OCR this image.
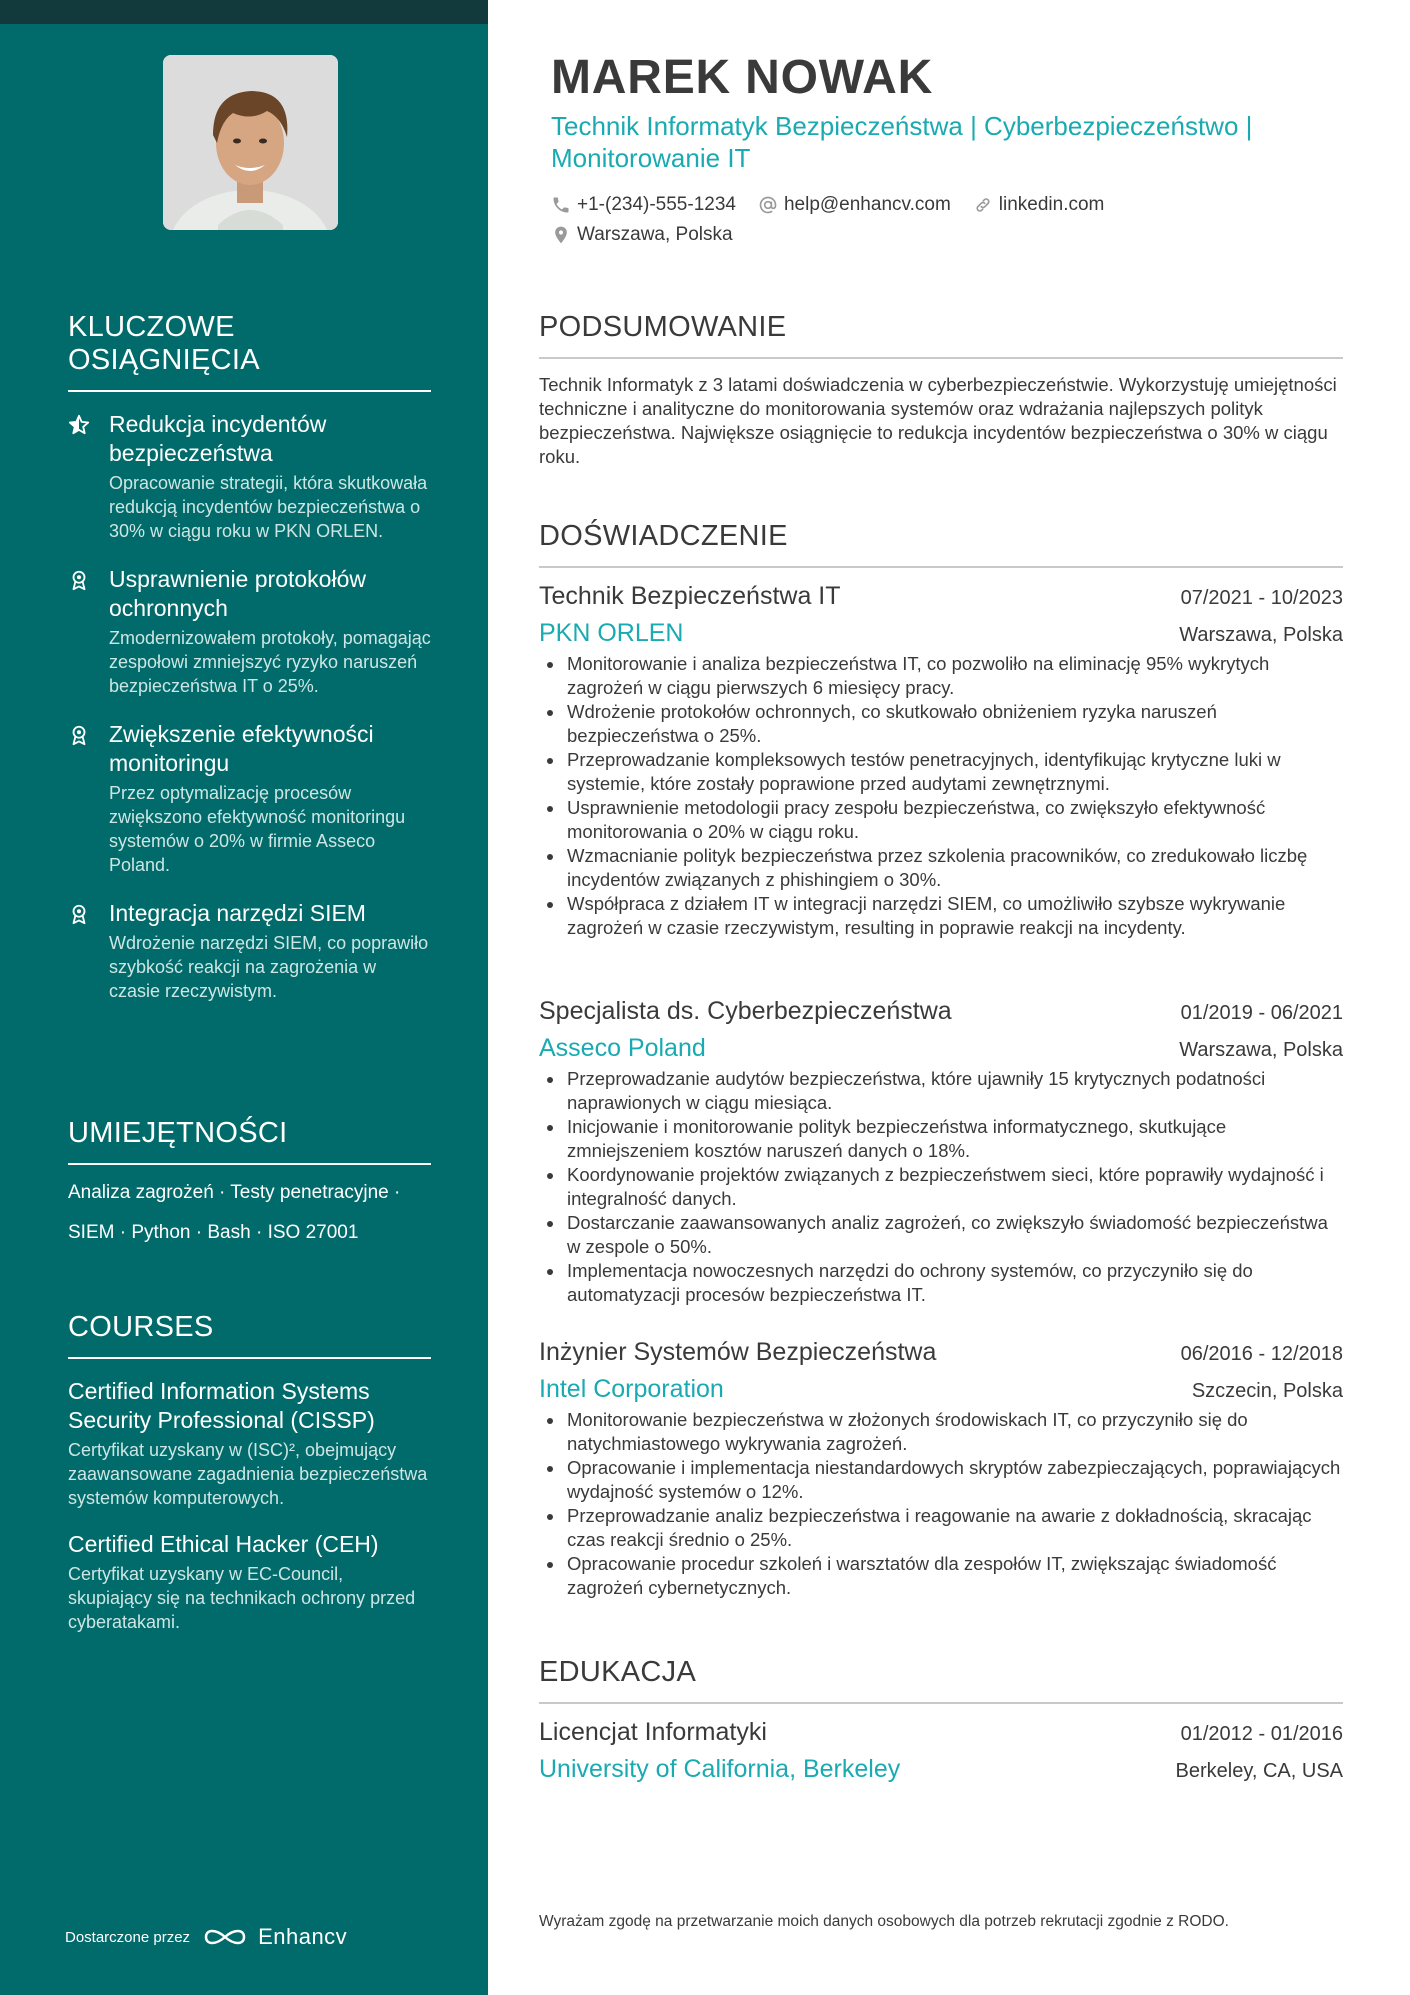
KLUCZOWE OSIĄGNIĘCIA
Redukcja incydentów bezpieczeństwa
Opracowanie strategii, która skutkowała redukcją incydentów bezpieczeństwa o 30% w ciągu roku w PKN ORLEN.
Usprawnienie protokołów ochronnych
Zmodernizowałem protokoły, pomagając zespołowi zmniejszyć ryzyko naruszeń bezpieczeństwa IT o 25%.
Zwiększenie efektywności monitoringu
Przez optymalizację procesów zwiększono efektywność monitoringu systemów o 20% w firmie Asseco Poland.
Integracja narzędzi SIEM
Wdrożenie narzędzi SIEM, co poprawiło szybkość reakcji na zagrożenia w czasie rzeczywistym.
UMIEJĘTNOŚCI
Analiza zagrożeń · Testy penetracyjne ·
SIEM · Python · Bash · ISO 27001
COURSES
Certified Information Systems Security Professional (CISSP)
Certyfikat uzyskany w (ISC)², obejmujący zaawansowane zagadnienia bezpieczeństwa systemów komputerowych.
Certified Ethical Hacker (CEH)
Certyfikat uzyskany w EC-Council, skupiający się na technikach ochrony przed cyberatakami.
Dostarczone przez	Enhancv
MAREK NOWAK
Technik Informatyk Bezpieczeństwa | Cyberbezpieczeństwo | Monitorowanie IT
+1-(234)-555-1234	help@enhancv.com	linkedin.com
Warszawa, Polska
PODSUMOWANIE

Technik Informatyk z 3 latami doświadczenia w cyberbezpieczeństwie. Wykorzystuję umiejętności techniczne i analityczne do monitorowania systemów oraz wdrażania najlepszych polityk bezpieczeństwa. Największe osiągnięcie to redukcja incydentów bezpieczeństwa o 30% w ciągu roku.

DOŚWIADCZENIE
Technik Bezpieczeństwa IT	07/2021 - 10/2023
PKN ORLEN	Warszawa, Polska
Monitorowanie i analiza bezpieczeństwa IT, co pozwoliło na eliminację 95% wykrytych zagrożeń w ciągu pierwszych 6 miesięcy pracy.
Wdrożenie protokołów ochronnych, co skutkowało obniżeniem ryzyka naruszeń bezpieczeństwa o 25%.
Przeprowadzanie kompleksowych testów penetracyjnych, identyfikując krytyczne luki w systemie, które zostały poprawione przed audytami zewnętrznymi.
Usprawnienie metodologii pracy zespołu bezpieczeństwa, co zwiększyło efektywność monitorowania o 20% w ciągu roku.
Wzmacnianie polityk bezpieczeństwa przez szkolenia pracowników, co zredukowało liczbę incydentów związanych z phishingiem o 30%.
Współpraca z działem IT w integracji narzędzi SIEM, co umożliwiło szybsze wykrywanie zagrożeń w czasie rzeczywistym, resulting in poprawie reakcji na incydenty.
Specjalista ds. Cyberbezpieczeństwa	01/2019 - 06/2021
Asseco Poland	Warszawa, Polska
Przeprowadzanie audytów bezpieczeństwa, które ujawniły 15 krytycznych podatności naprawionych w ciągu miesiąca.
Inicjowanie i monitorowanie polityk bezpieczeństwa informatycznego, skutkujące zmniejszeniem kosztów naruszeń danych o 18%.
Koordynowanie projektów związanych z bezpieczeństwem sieci, które poprawiły wydajność i integralność danych.
Dostarczanie zaawansowanych analiz zagrożeń, co zwiększyło świadomość bezpieczeństwa w zespole o 50%.
Implementacja nowoczesnych narzędzi do ochrony systemów, co przyczyniło się do automatyzacji procesów bezpieczeństwa IT.
Inżynier Systemów Bezpieczeństwa	06/2016 - 12/2018
Intel Corporation	Szczecin, Polska
Monitorowanie bezpieczeństwa w złożonych środowiskach IT, co przyczyniło się do natychmiastowego wykrywania zagrożeń.
Opracowanie i implementacja niestandardowych skryptów zabezpieczających, poprawiających wydajność systemów o 12%.
Przeprowadzanie analiz bezpieczeństwa i reagowanie na awarie z dokładnością, skracając czas reakcji średnio o 25%.
Opracowanie procedur szkoleń i warsztatów dla zespołów IT, zwiększając świadomość zagrożeń cybernetycznych.
EDUKACJA
Licencjat Informatyki	01/2012 - 01/2016
University of California, Berkeley	Berkeley, CA, USA
Wyrażam zgodę na przetwarzanie moich danych osobowych dla potrzeb rekrutacji zgodnie z RODO.
